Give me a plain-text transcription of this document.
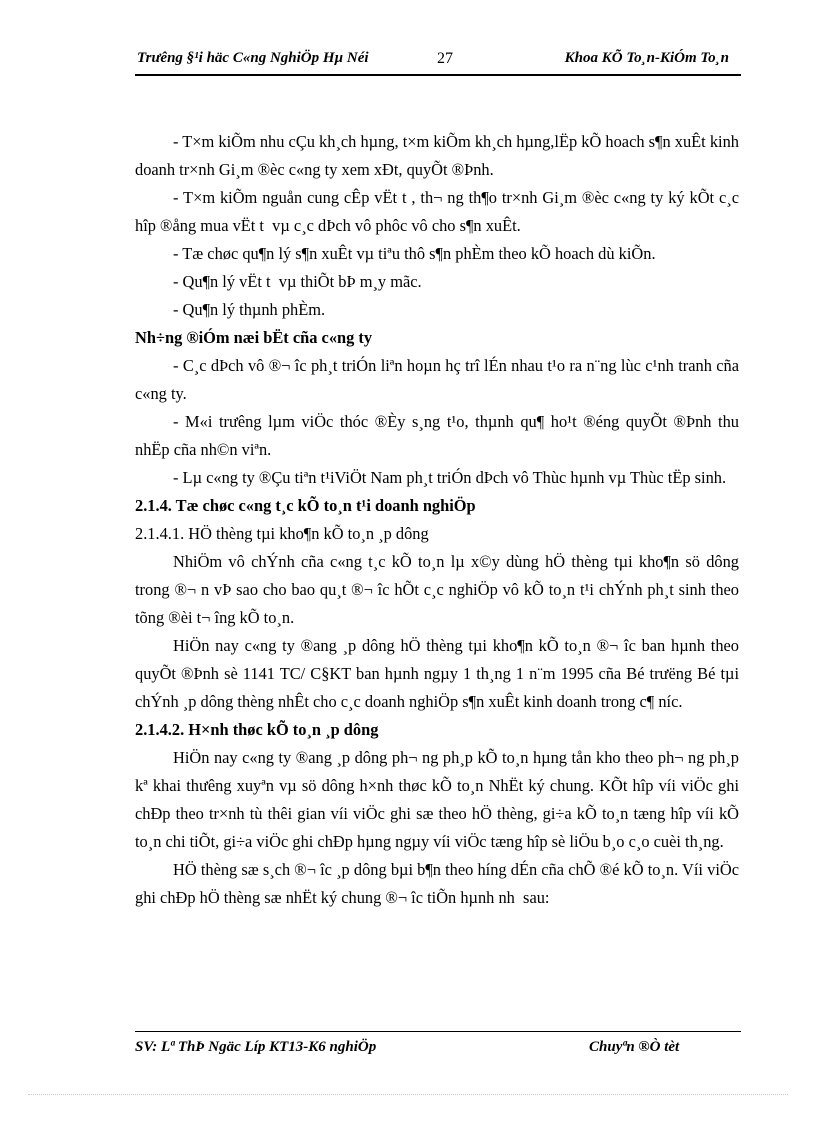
Trưêng §¹i häc C«ng NghiÖp Hµ Néi	27	Khoa KÕ To¸n-KiÓm To¸n

- T×m kiÕm nhu cÇu kh¸ch hµng, t×m kiÕm kh¸ch hµng,lËp kÕ hoach s¶n xuÊt kinh doanh tr×nh Gi¸m ®èc c«ng ty xem xÐt, quyÕt ®Þnh.

- T×m kiÕm nguån cung cÊp vËt t , th¬ ng th¶o tr×nh Gi¸m ®èc c«ng ty ký kÕt c¸c hîp ®ång mua vËt t  vµ c¸c dÞch vô phôc vô cho s¶n xuÊt.

- Tæ chøc qu¶n lý s¶n xuÊt vµ tiªu thô s¶n phÈm theo kÕ hoach dù kiÕn.

- Qu¶n lý vËt t  vµ thiÕt bÞ m¸y mãc.

- Qu¶n lý thµnh phÈm.

Nh÷ng ®iÓm næi bËt cña c«ng ty

- C¸c dÞch vô ®¬ îc ph¸t triÓn liªn hoµn hç trî lÉn nhau t¹o ra n¨ng lùc c¹nh tranh cña c«ng ty.

- M«i trưêng lµm viÖc thóc ®Èy s¸ng t¹o, thµnh qu¶ ho¹t ®éng quyÕt ®Þnh thu nhËp cña nh©n viªn.

- Lµ c«ng ty ®Çu tiªn t¹iViÖt Nam ph¸t triÓn dÞch vô Thùc hµnh vµ Thùc tËp sinh.

2.1.4. Tæ chøc c«ng t¸c kÕ to¸n t¹i doanh nghiÖp

2.1.4.1. HÖ thèng tµi kho¶n kÕ to¸n ¸p dông

NhiÖm vô chÝnh cña c«ng t¸c kÕ to¸n lµ x©y dùng hÖ thèng tµi kho¶n sö dông trong ®¬ n vÞ sao cho bao qu¸t ®¬ îc hÕt c¸c nghiÖp vô kÕ to¸n t¹i chÝnh ph¸t sinh theo tõng ®èi t¬ îng kÕ to¸n.

HiÖn nay c«ng ty ®ang ¸p dông hÖ thèng tµi kho¶n kÕ to¸n ®¬ îc ban hµnh theo quyÕt ®Þnh sè 1141 TC/ C§KT ban hµnh ngµy 1 th¸ng 1 n¨m 1995 cña Bé trưëng Bé tµi chÝnh ¸p dông thèng nhÊt cho c¸c doanh nghiÖp s¶n xuÊt kinh doanh trong c¶ níc.

2.1.4.2. H×nh thøc kÕ to¸n ¸p dông

HiÖn nay c«ng ty ®ang ¸p dông ph¬ ng ph¸p kÕ to¸n hµng tån kho theo ph¬ ng ph¸p kª khai thưêng xuyªn vµ sö dông h×nh thøc kÕ to¸n NhËt ký chung. KÕt hîp víi viÖc ghi chÐp theo tr×nh tù thêi gian víi viÖc ghi sæ theo hÖ thèng, gi÷a kÕ to¸n tæng hîp víi kÕ to¸n chi tiÕt, gi÷a viÖc ghi chÐp hµng ngµy víi viÖc tæng hîp sè liÖu b¸o c¸o cuèi th¸ng.

HÖ thèng sæ s¸ch ®¬ îc ¸p dông bµi b¶n theo híng dÉn cña chÕ ®é kÕ to¸n. Víi viÖc ghi chÐp hÖ thèng sæ nhËt ký chung ®¬ îc tiÕn hµnh nh  sau:

SV: Lª ThÞ Ngäc Líp KT13-K6 nghiÖp	Chuyªn ®Ò tèt
